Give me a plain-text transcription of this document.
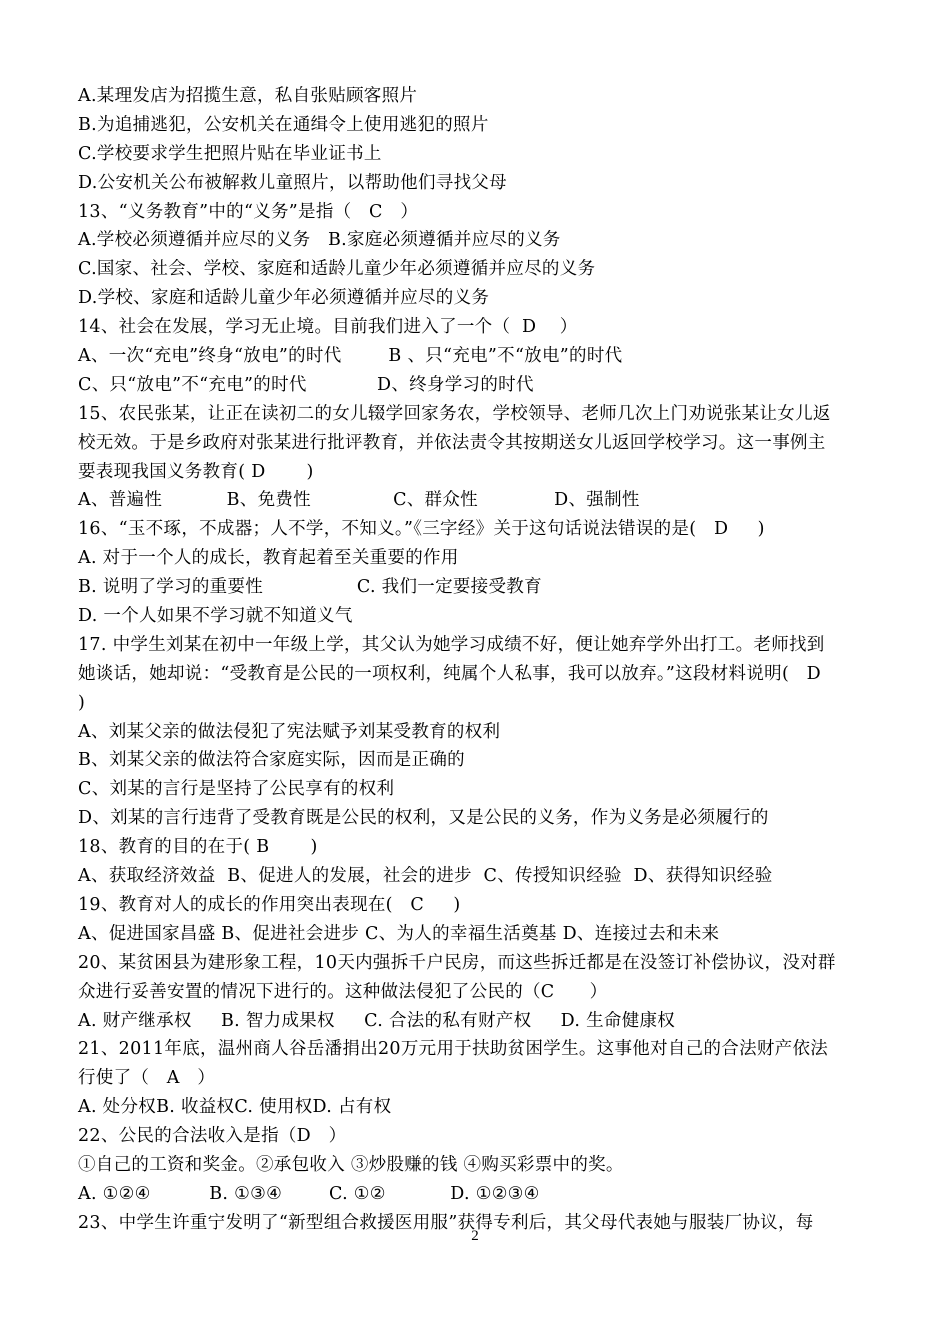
A.某理发店为招揽生意，私自张贴顾客照片
B.为追捕逃犯，公安机关在通缉令上使用逃犯的照片
C.学校要求学生把照片贴在毕业证书上
D.公安机关公布被解救儿童照片，以帮助他们寻找父母
13、“义务教育”中的“义务”是指（   C   ）
A.学校必须遵循并应尽的义务   B.家庭必须遵循并应尽的义务
C.国家、社会、学校、家庭和适龄儿童少年必须遵循并应尽的义务
D.学校、家庭和适龄儿童少年必须遵循并应尽的义务
14、社会在发展，学习无止境。目前我们进入了一个（  D    ）
A、一次“充电”终身“放电”的时代        B 、只“充电”不“放电”的时代
C、只“放电”不“充电”的时代            D、终身学习的时代
15、农民张某，让正在读初二的女儿辍学回家务农，学校领导、老师几次上门劝说张某让女儿返
校无效。于是乡政府对张某进行批评教育，并依法责令其按期送女儿返回学校学习。这一事例主
要表现我国义务教育( D       )
A、普遍性           B、免费性              C、群众性             D、强制性
16、“玉不琢，不成器；人不学，不知义。”《三字经》关于这句话说法错误的是(   D     )
A. 对于一个人的成长，教育起着至关重要的作用
B. 说明了学习的重要性                C. 我们一定要接受教育
D. 一个人如果不学习就不知道义气
17. 中学生刘某在初中一年级上学，其父认为她学习成绩不好，便让她弃学外出打工。老师找到
她谈话，她却说：“受教育是公民的一项权利，纯属个人私事，我可以放弃。”这段材料说明(   D
)
A、刘某父亲的做法侵犯了宪法赋予刘某受教育的权利
B、刘某父亲的做法符合家庭实际，因而是正确的
C、刘某的言行是坚持了公民享有的权利
D、刘某的言行违背了受教育既是公民的权利，又是公民的义务，作为义务是必须履行的
18、教育的目的在于( B       )
A、获取经济效益  B、促进人的发展，社会的进步  C、传授知识经验  D、获得知识经验
19、教育对人的成长的作用突出表现在(   C     )
A、促进国家昌盛 B、促进社会进步 C、为人的幸福生活奠基 D、连接过去和未来
20、某贫困县为建形象工程，10天内强拆千户民房，而这些拆迁都是在没签订补偿协议，没对群
众进行妥善安置的情况下进行的。这种做法侵犯了公民的（C      ）
A. 财产继承权     B. 智力成果权     C. 合法的私有财产权     D. 生命健康权
21、2011年底，温州商人谷岳潘捐出20万元用于扶助贫困学生。这事他对自己的合法财产依法
行使了（   A   ）
A. 处分权B. 收益权C. 使用权D. 占有权
22、公民的合法收入是指（D   ）
①自己的工资和奖金。②承包收入 ③炒股赚的钱 ④购买彩票中的奖。
A. ①②④          B. ①③④        C. ①②           D. ①②③④
23、中学生许重宁发明了“新型组合救援医用服”获得专利后，其父母代表她与服装厂协议，每
2
